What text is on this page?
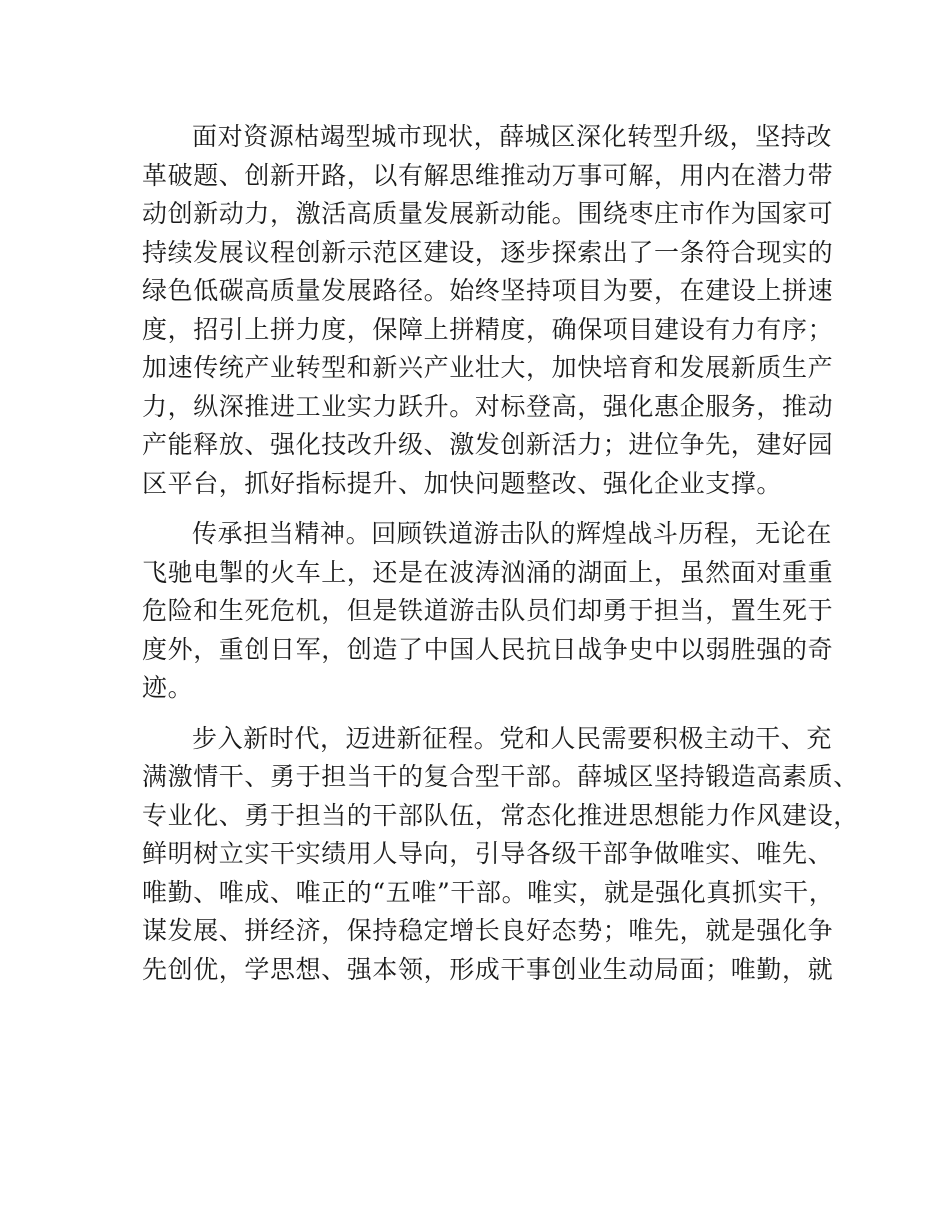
面对资源枯竭型城市现状，薛城区深化转型升级，坚持改
革破题、创新开路，以有解思维推动万事可解，用内在潜力带
动创新动力，激活高质量发展新动能。围绕枣庄市作为国家可
持续发展议程创新示范区建设，逐步探索出了一条符合现实的
绿色低碳高质量发展路径。始终坚持项目为要，在建设上拼速
度，招引上拼力度，保障上拼精度，确保项目建设有力有序；
加速传统产业转型和新兴产业壮大，加快培育和发展新质生产
力，纵深推进工业实力跃升。对标登高，强化惠企服务，推动
产能释放、强化技改升级、激发创新活力；进位争先，建好园
区平台，抓好指标提升、加快问题整改、强化企业支撑。
传承担当精神。回顾铁道游击队的辉煌战斗历程，无论在
飞驰电掣的火车上，还是在波涛汹涌的湖面上，虽然面对重重
危险和生死危机，但是铁道游击队员们却勇于担当，置生死于
度外，重创日军，创造了中国人民抗日战争史中以弱胜强的奇
迹。
步入新时代，迈进新征程。党和人民需要积极主动干、充
满激情干、勇于担当干的复合型干部。薛城区坚持锻造高素质、
专业化、勇于担当的干部队伍，常态化推进思想能力作风建设，
鲜明树立实干实绩用人导向，引导各级干部争做唯实、唯先、
唯勤、唯成、唯正的“五唯”干部。唯实，就是强化真抓实干，
谋发展、拼经济，保持稳定增长良好态势；唯先，就是强化争
先创优，学思想、强本领，形成干事创业生动局面；唯勤，就
